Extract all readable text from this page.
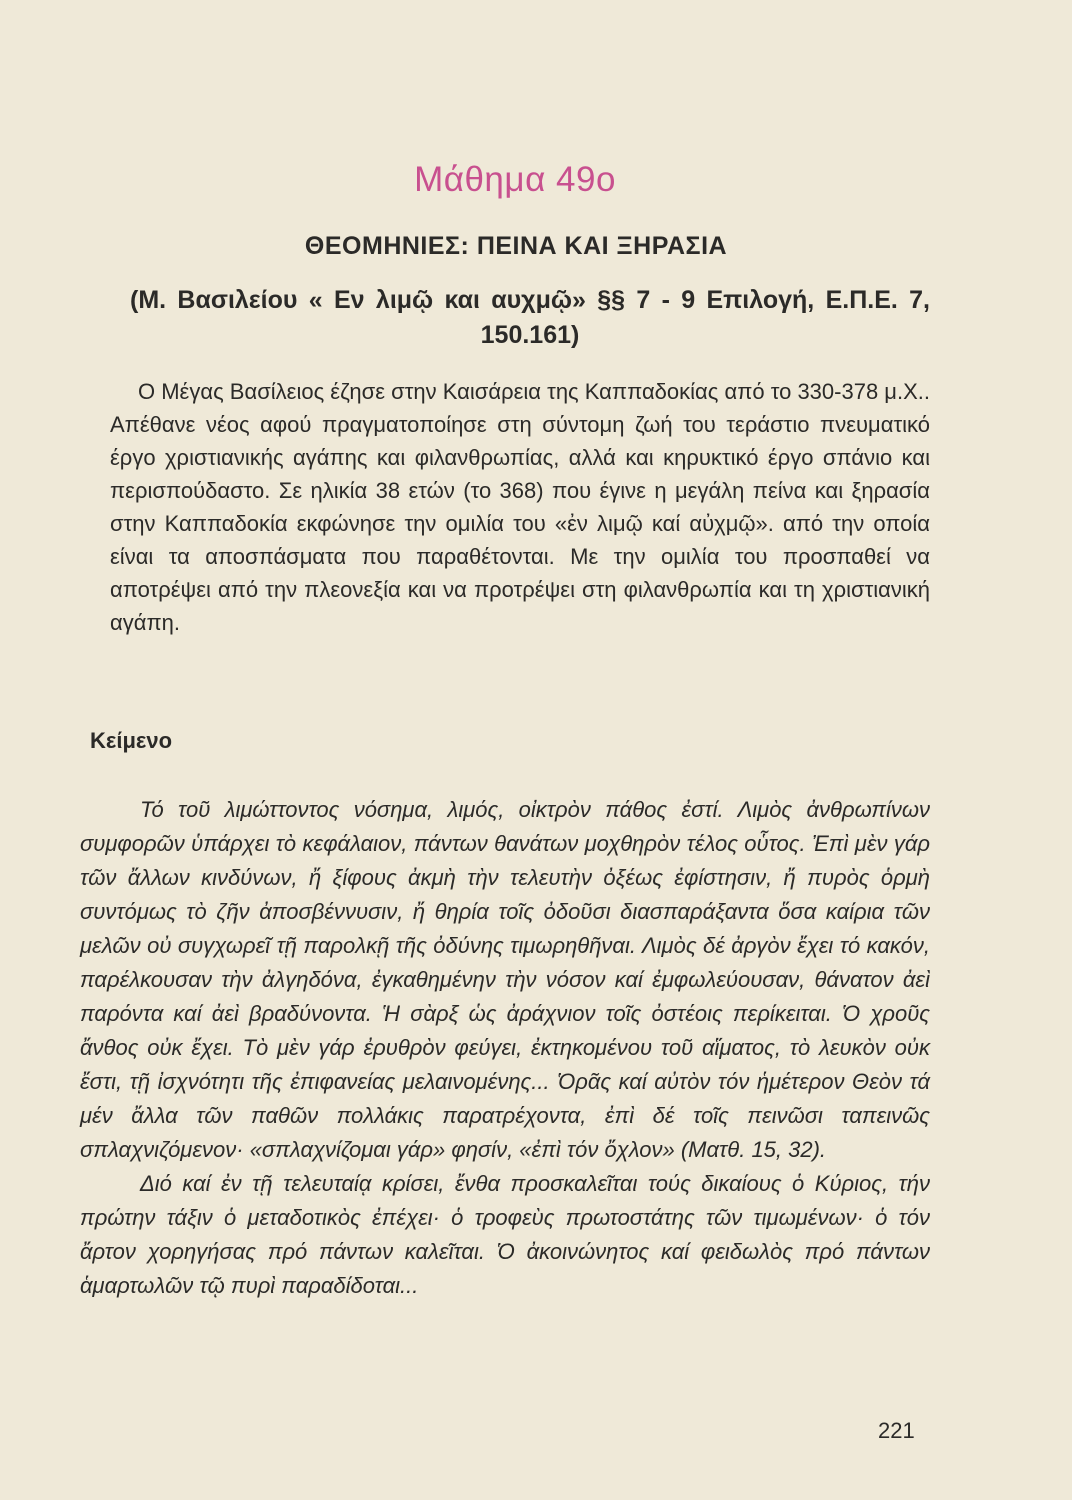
Μάθημα 49ο
ΘΕΟΜΗΝΙΕΣ: ΠΕΙΝΑ ΚΑΙ ΞΗΡΑΣΙΑ
(Μ. Βασιλείου « Εν λιμῷ και αυχμῷ» §§ 7 - 9 Επιλογή, Ε.Π.Ε. 7, 150.161)

Ο Μέγας Βασίλειος έζησε στην Καισάρεια της Καππαδοκίας από το 330-378 μ.Χ.. Απέθανε νέος αφού πραγματοποίησε στη σύντομη ζωή του τεράστιο πνευματικό έργο χριστιανικής αγάπης και φιλανθρωπίας, αλλά και κηρυκτικό έργο σπάνιο και περισπούδαστο. Σε ηλικία 38 ετών (το 368) που έγινε η μεγάλη πείνα και ξηρασία στην Καππαδοκία εκφώνησε την ομιλία του «ἐν λιμῷ καί αὐχμῷ». από την οποία είναι τα αποσπάσματα που παραθέτονται. Με την ομιλία του προσπαθεί να αποτρέψει από την πλεονεξία και να προτρέψει στη φιλανθρωπία και τη χριστιανική αγάπη.

Κείμενο

Τό τοῦ λιμώττοντος νόσημα, λιμός, οἰκτρὸν πάθος ἐστί. Λιμὸς ἀνθρωπίνων συμφορῶν ὑπάρχει τὸ κεφάλαιον, πάντων θανάτων μοχθηρὸν τέλος οὗτος. Ἐπὶ μὲν γάρ τῶν ἄλλων κινδύνων, ἤ ξίφους ἀκμὴ τὴν τελευτὴν ὀξέως ἐφίστησιν, ἤ πυρὸς ὁρμὴ συντόμως τὸ ζῆν ἀποσβέννυσιν, ἤ θηρία τοῖς ὀδοῦσι διασπαράξαντα ὅσα καίρια τῶν μελῶν οὐ συγχωρεῖ τῇ παρολκῇ τῆς ὀδύνης τιμωρηθῆναι. Λιμὸς δέ ἀργὸν ἔχει τό κακόν, παρέλκουσαν τὴν ἀλγηδόνα, ἐγκαθημένην τὴν νόσον καί ἐμφωλεύουσαν, θάνατον ἀεὶ παρόντα καί ἀεὶ βραδύνοντα. Ἡ σὰρξ ὡς ἀράχνιον τοῖς ὀστέοις περίκειται. Ὁ χροῦς ἄνθος οὐκ ἔχει. Τὸ μὲν γάρ ἐρυθρὸν φεύγει, ἐκτηκομένου τοῦ αἵματος, τὸ λευκὸν οὐκ ἔστι, τῇ ἰσχνότητι τῆς ἐπιφανείας μελαινομένης... Ὁρᾶς καί αὐτὸν τόν ἡμέτερον Θεὸν τά μέν ἄλλα τῶν παθῶν πολλάκις παρατρέχοντα, ἐπὶ δέ τοῖς πεινῶσι ταπεινῶς σπλαχνιζόμενον· «σπλαχνίζομαι γάρ» φησίν, «ἐπὶ τόν ὄχλον» (Ματθ. 15, 32).

Διό καί ἐν τῇ τελευταίᾳ κρίσει, ἔνθα προσκαλεῖται τούς δικαίους ὁ Κύριος, τήν πρώτην τάξιν ὁ μεταδοτικὸς ἐπέχει· ὁ τροφεὺς πρωτοστάτης τῶν τιμωμένων· ὁ τόν ἄρτον χορηγήσας πρό πάντων καλεῖται. Ὁ ἀκοινώνητος καί φειδωλὸς πρό πάντων ἁμαρτωλῶν τῷ πυρὶ παραδίδοται...

221
